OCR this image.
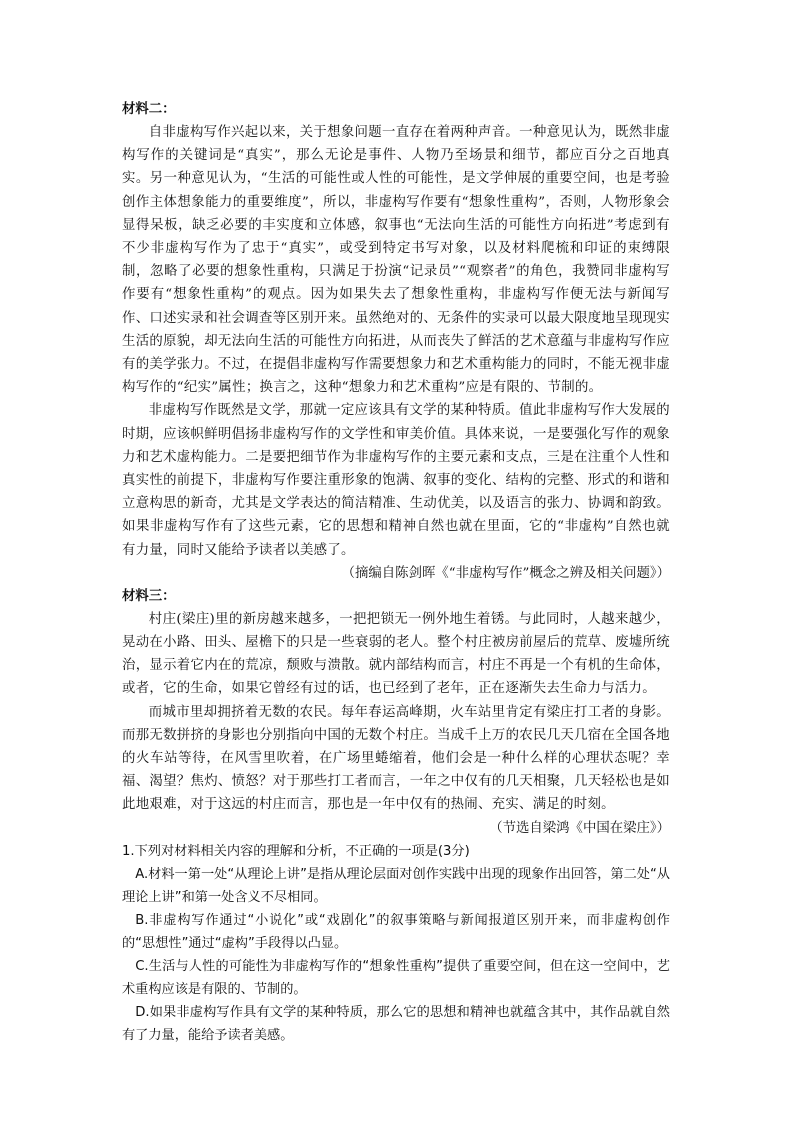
材料二：

自非虚构写作兴起以来，关于想象问题一直存在着两种声音。一种意见认为，既然非虚构写作的关键词是“真实”，那么无论是事件、人物乃至场景和细节，都应百分之百地真实。另一种意见认为，“生活的可能性或人性的可能性，是文学伸展的重要空间，也是考验创作主体想象能力的重要维度”，所以，非虚构写作要有“想象性重构”，否则，人物形象会显得呆板，缺乏必要的丰实度和立体感，叙事也“无法向生活的可能性方向拓进”考虑到有不少非虚构写作为了忠于“真实”，或受到特定书写对象，以及材料爬梳和印证的束缚限制，忽略了必要的想象性重构，只满足于扮演“记录员”“观察者”的角色，我赞同非虚构写作要有“想象性重构”的观点。因为如果失去了想象性重构，非虚构写作便无法与新闻写作、口述实录和社会调查等区别开来。虽然绝对的、无条件的实录可以最大限度地呈现现实生活的原貌，却无法向生活的可能性方向拓进，从而丧失了鲜活的艺术意蕴与非虚构写作应有的美学张力。不过，在提倡非虚构写作需要想象力和艺术重构能力的同时，不能无视非虚构写作的“纪实”属性；换言之，这种“想象力和艺术重构”应是有限的、节制的。

非虚构写作既然是文学，那就一定应该具有文学的某种特质。值此非虚构写作大发展的时期，应该帜鲜明倡扬非虚构写作的文学性和审美价值。具体来说，一是要强化写作的观象力和艺术虚构能力。二是要把细节作为非虚构写作的主要元素和支点，三是在注重个人性和真实性的前提下，非虚构写作要注重形象的饱满、叙事的变化、结构的完整、形式的和谐和立意构思的新奇，尤其是文学表达的简洁精准、生动优美，以及语言的张力、协调和韵致。如果非虚构写作有了这些元素，它的思想和精神自然也就在里面，它的“非虚构”自然也就有力量，同时又能给予读者以美感了。

（摘编自陈剑晖《“非虚构写作”概念之辨及相关问题》）

材料三：

村庄(梁庄)里的新房越来越多，一把把锁无一例外地生着锈。与此同时，人越来越少，晃动在小路、田头、屋檐下的只是一些衰弱的老人。整个村庄被房前屋后的荒草、废墟所统治，显示着它内在的荒凉，颓败与溃散。就内部结构而言，村庄不再是一个有机的生命体，或者，它的生命，如果它曾经有过的话，也已经到了老年，正在逐渐失去生命力与活力。

而城市里却拥挤着无数的农民。每年春运高峰期，火车站里肯定有梁庄打工者的身影。而那无数拼挤的身影也分别指向中国的无数个村庄。当成千上万的农民几天几宿在全国各地的火车站等待，在风雪里吹着，在广场里蜷缩着，他们会是一种什么样的心理状态呢？幸福、渴望？焦灼、愤怒？对于那些打工者而言，一年之中仅有的几天相聚，几天轻松也是如此地艰难，对于这远的村庄而言，那也是一年中仅有的热闹、充实、满足的时刻。

（节选自梁鸿《中国在梁庄》）

1.下列对材料相关内容的理解和分析，不正确的一项是(3分)

A.材料一第一处“从理论上讲”是指从理论层面对创作实践中出现的现象作出回答，第二处“从理论上讲”和第一处含义不尽相同。

B.非虚构写作通过“小说化”或“戏剧化”的叙事策略与新闻报道区别开来，而非虚构创作的“思想性”通过“虚构”手段得以凸显。

C.生活与人性的可能性为非虚构写作的“想象性重构”提供了重要空间，但在这一空间中，艺术重构应该是有限的、节制的。

D.如果非虚构写作具有文学的某种特质，那么它的思想和精神也就蕴含其中，其作品就自然有了力量，能给予读者美感。
